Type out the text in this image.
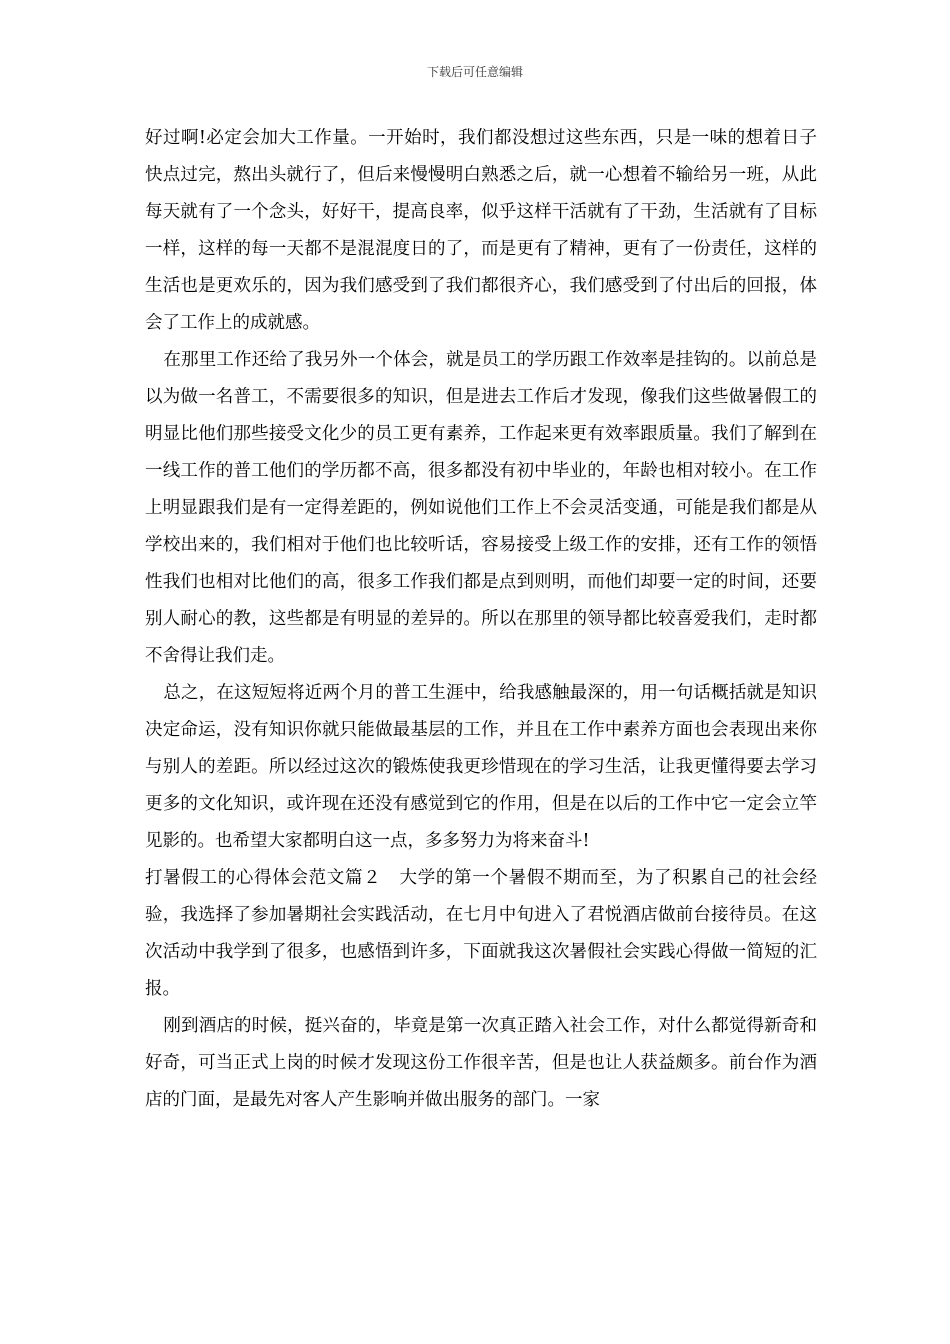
下载后可任意编辑

好过啊!必定会加大工作量。一开始时，我们都没想过这些东西，只是一味的想着日子快点过完，熬出头就行了，但后来慢慢明白熟悉之后，就一心想着不输给另一班，从此每天就有了一个念头，好好干，提高良率，似乎这样干活就有了干劲，生活就有了目标一样，这样的每一天都不是混混度日的了，而是更有了精神，更有了一份责任，这样的生活也是更欢乐的，因为我们感受到了我们都很齐心，我们感受到了付出后的回报，体会了工作上的成就感。

在那里工作还给了我另外一个体会，就是员工的学历跟工作效率是挂钩的。以前总是以为做一名普工，不需要很多的知识，但是进去工作后才发现，像我们这些做暑假工的明显比他们那些接受文化少的员工更有素养，工作起来更有效率跟质量。我们了解到在一线工作的普工他们的学历都不高，很多都没有初中毕业的，年龄也相对较小。在工作上明显跟我们是有一定得差距的，例如说他们工作上不会灵活变通，可能是我们都是从学校出来的，我们相对于他们也比较听话，容易接受上级工作的安排，还有工作的领悟性我们也相对比他们的高，很多工作我们都是点到则明，而他们却要一定的时间，还要别人耐心的教，这些都是有明显的差异的。所以在那里的领导都比较喜爱我们，走时都不舍得让我们走。

总之，在这短短将近两个月的普工生涯中，给我感触最深的，用一句话概括就是知识决定命运，没有知识你就只能做最基层的工作，并且在工作中素养方面也会表现出来你与别人的差距。所以经过这次的锻炼使我更珍惜现在的学习生活，让我更懂得要去学习更多的文化知识，或许现在还没有感觉到它的作用，但是在以后的工作中它一定会立竿见影的。也希望大家都明白这一点，多多努力为将来奋斗!

打暑假工的心得体会范文篇２　大学的第一个暑假不期而至，为了积累自己的社会经验，我选择了参加暑期社会实践活动，在七月中旬进入了君悦酒店做前台接待员。在这次活动中我学到了很多，也感悟到许多，下面就我这次暑假社会实践心得做一简短的汇报。

刚到酒店的时候，挺兴奋的，毕竟是第一次真正踏入社会工作，对什么都觉得新奇和好奇，可当正式上岗的时候才发现这份工作很辛苦，但是也让人获益颇多。前台作为酒店的门面，是最先对客人产生影响并做出服务的部门。一家
